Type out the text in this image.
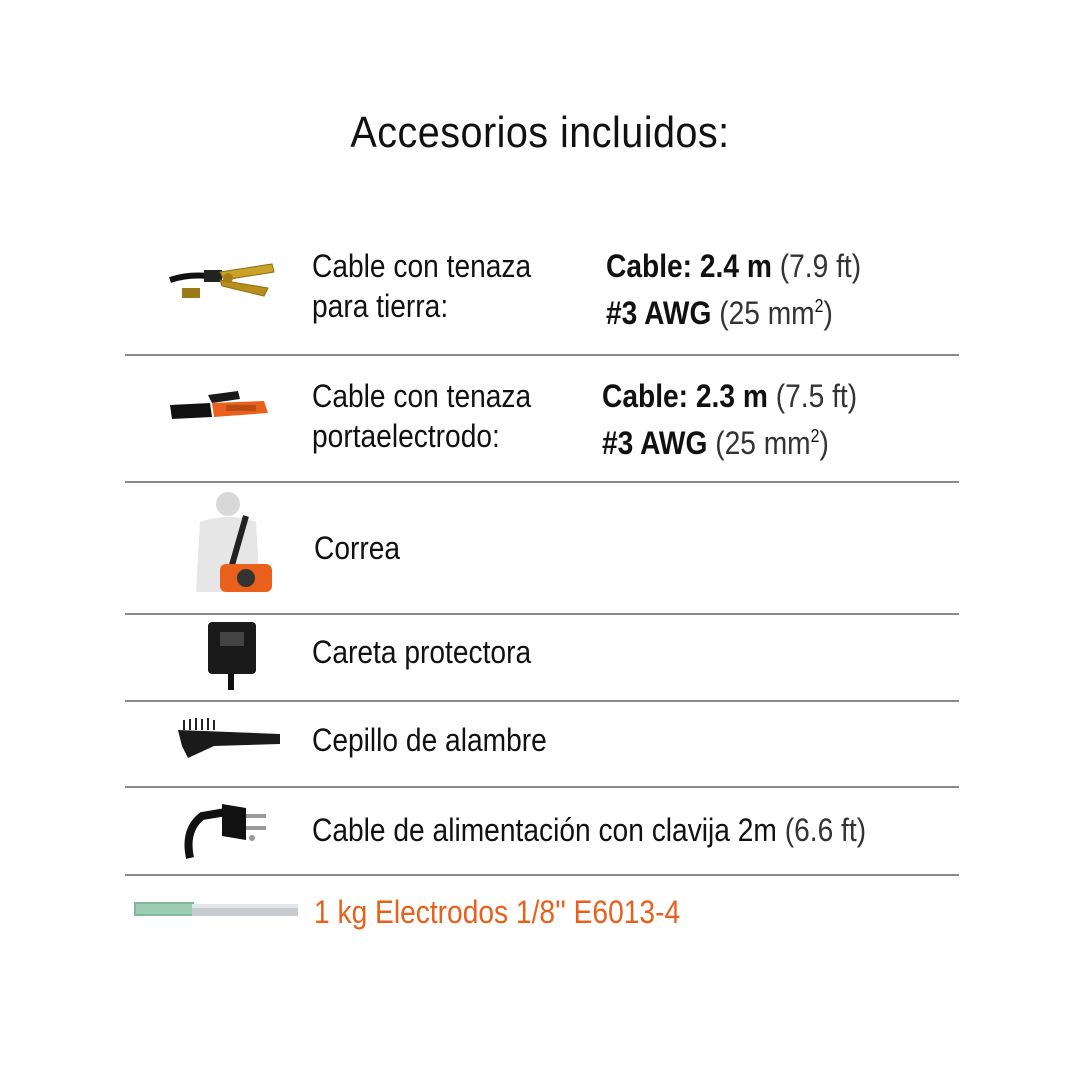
Accesorios incluidos:
Cable con tenaza
para tierra:
Cable: 2.4 m (7.9 ft)
#3 AWG (25 $mm^2$)
Cable con tenaza
portaelectrodo:
Cable: 2.3 m (7.5 ft)
#3 AWG (25 $mm^2$)
Correa
Careta protectora
Cepillo de alambre
Cable de alimentación con clavija 2m (6.6 ft)
1 kg Electrodos 1/8'' E6013-4
